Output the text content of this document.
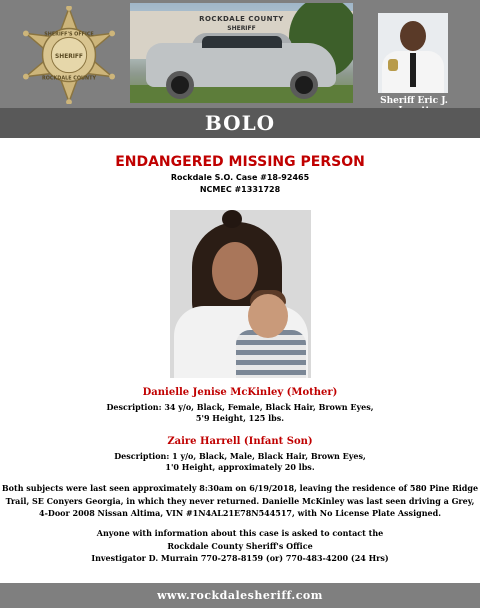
SHERIFF'S OFFICE
SHERIFF
ROCKDALE COUNTY
ROCKDALE COUNTY
SHERIFF
Sheriff Eric J.
BOLO
ENDANGERED MISSING PERSON
Rockdale S.O. Case #18-92465
NCMEC #1331728
Danielle Jenise McKinley (Mother)
Description: 34 y/o, Black, Female, Black Hair, Brown Eyes,
5'9 Height, 125 lbs.
Zaire Harrell (Infant Son)
Description: 1 y/o, Black, Male, Black Hair, Brown Eyes,
1'0 Height, approximately 20 lbs.
Both subjects were last seen approximately 8:30am on 6/19/2018, leaving the residence of 580 Pine Ridge
Trail, SE Conyers Georgia, in which they never returned. Danielle McKinley was last seen driving a Grey,
4-Door 2008 Nissan Altima, VIN #1N4AL21E78N544517, with No License Plate Assigned.
Anyone with information about this case is asked to contact the
Rockdale County Sheriff's Office
Investigator D. Murrain 770-278-8159 (or) 770-483-4200 (24 Hrs)
www.rockdalesheriff.com
